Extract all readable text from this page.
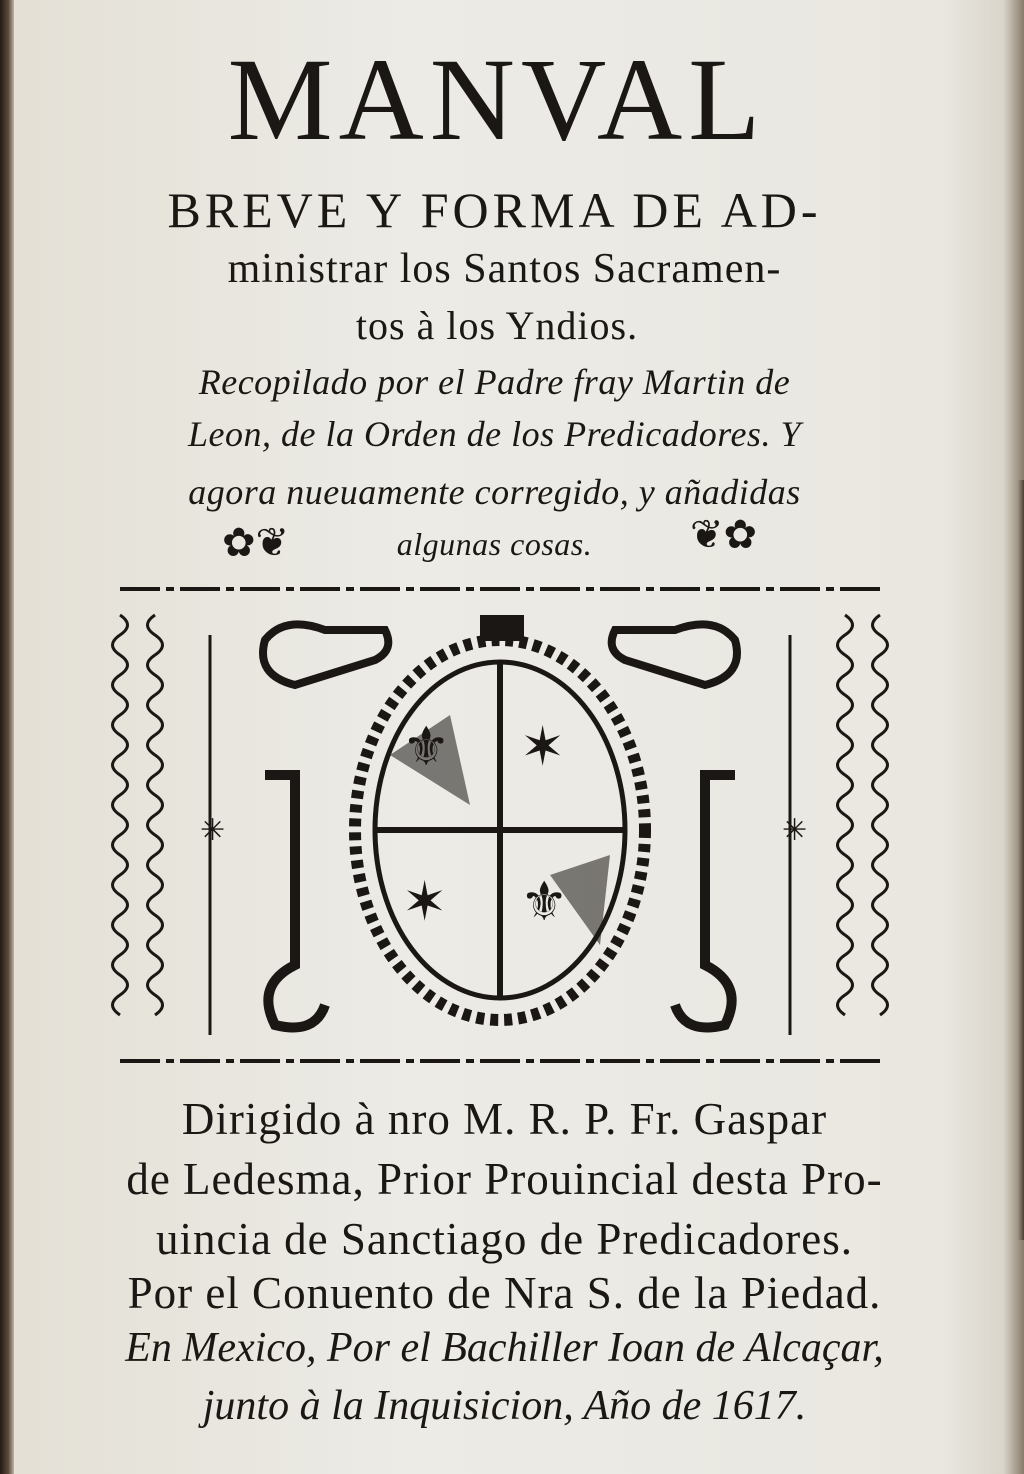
MANVAL
BREVE Y FORMA DE AD-
ministrar los Santos Sacramen-
tos à los Yndios.
Recopilado por el Padre fray Martin de
Leon, de la Orden de los Predicadores. Y
agora nueuamente corregido, y añadidas
algunas cosas.
✿❦	❦✿
✳	✳
✶
✶ ⚜
Dirigido à nro M. R. P. Fr. Gaspar
de Ledesma, Prior Prouincial desta Pro-
uincia de Sanctiago de Predicadores.
Por el Conuento de Nra S. de la Piedad.
En Mexico, Por el Bachiller Ioan de Alcaçar,
junto à la Inquisicion, Año de 1617.
